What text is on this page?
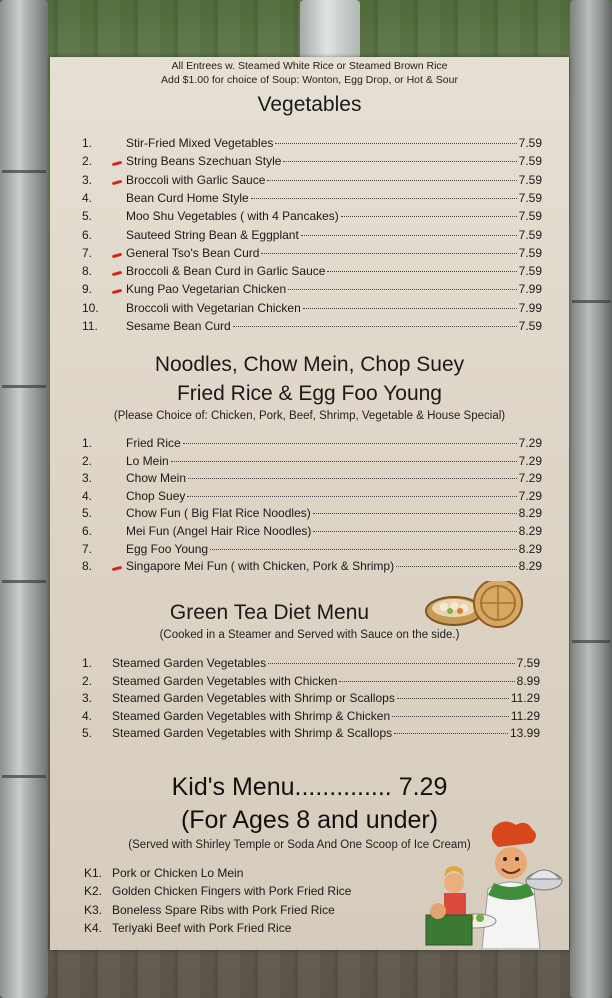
All Entrees w. Steamed White Rice or Steamed Brown Rice
Add $1.00 for choice of Soup: Wonton, Egg Drop, or Hot & Sour
Vegetables
1.	Stir-Fried Mixed Vegetables	7.59
2.	String Beans Szechuan Style	7.59
3.	Broccoli with Garlic Sauce	7.59
4.	Bean Curd Home Style	7.59
5.	Moo Shu Vegetables ( with 4 Pancakes)	7.59
6.	Sauteed String Bean & Eggplant	7.59
7.	General Tso's Bean Curd	7.59
8.	Broccoli & Bean Curd in Garlic Sauce	7.59
9.	Kung Pao Vegetarian Chicken	7.99
10.	Broccoli with Vegetarian Chicken	7.99
11.	Sesame Bean Curd	7.59
Noodles, Chow Mein, Chop Suey
Fried Rice & Egg Foo Young
(Please Choice of: Chicken, Pork, Beef, Shrimp, Vegetable & House Special)
1.	Fried Rice	7.29
2.	Lo Mein	7.29
3.	Chow Mein	7.29
4.	Chop Suey	7.29
5.	Chow Fun ( Big Flat Rice Noodles)	8.29
6.	Mei Fun (Angel Hair Rice Noodles)	8.29
7.	Egg Foo Young	8.29
8.	Singapore Mei Fun ( with Chicken, Pork & Shrimp)	8.29
Green Tea Diet Menu
(Cooked in a Steamer and Served with Sauce on the side.)
1.	Steamed Garden Vegetables	7.59
2.	Steamed Garden Vegetables with Chicken	8.99
3.	Steamed Garden Vegetables with Shrimp or Scallops	11.29
4.	Steamed Garden Vegetables with Shrimp & Chicken	11.29
5.	Steamed Garden Vegetables with Shrimp & Scallops	13.99
Kid's Menu.............. 7.29
(For Ages 8 and under)
(Served with Shirley Temple or Soda And One Scoop of Ice Cream)
K1. Pork or Chicken Lo Mein
K2. Golden Chicken Fingers with Pork Fried Rice
K3. Boneless Spare Ribs with Pork Fried Rice
K4. Teriyaki Beef with Pork Fried Rice
